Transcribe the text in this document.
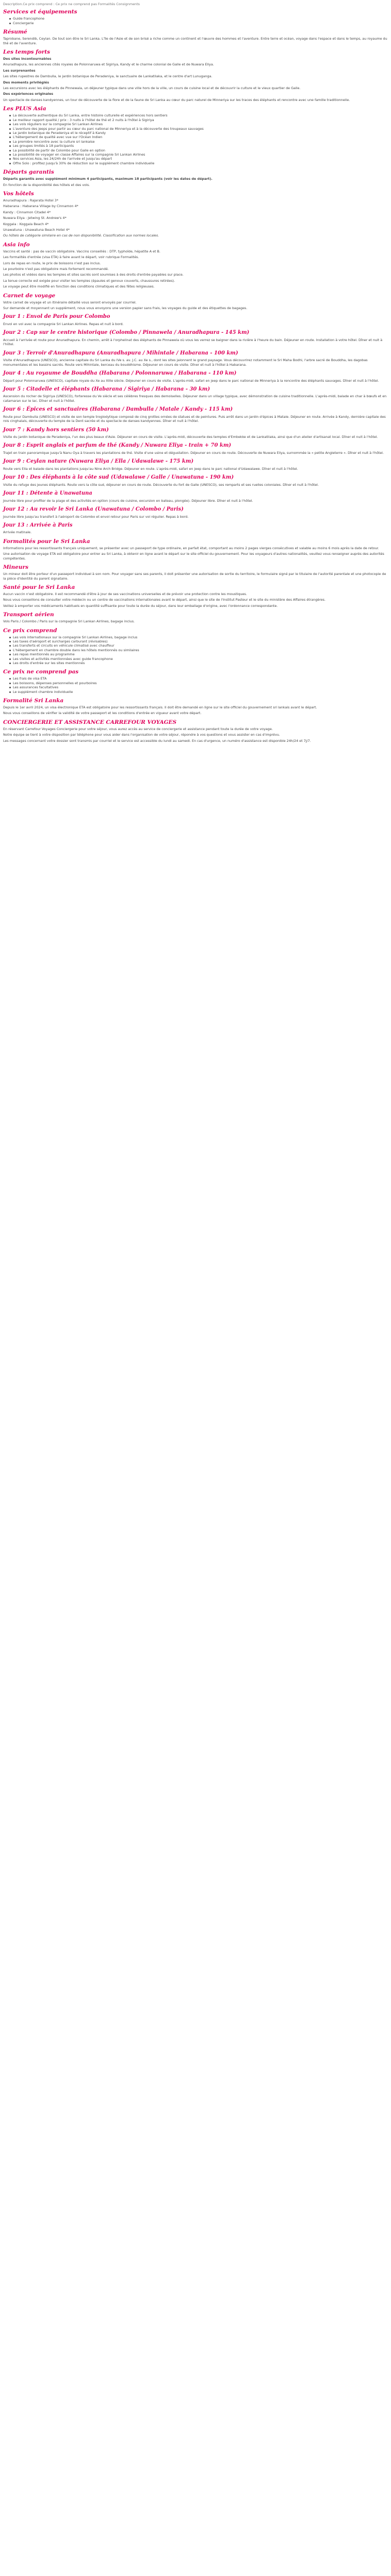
Description.Ce prix comprend : Ce prix ne comprend pas Formalités Consignments
Services et équipements
Guide francophone
Conciergerie
Résumé

Taprobane, Serendib, Ceylan. De tout son être le Sri Lanka. L'île de l'Asie et de son brisé a riche comme un continent et l'œuvre des hommes et l'aventure. Entre terre et océan, voyage dans l'espace et dans le temps, au royaume du thé et de l'aventure.

Les temps forts

Des sites incontournables

Anuradhapura, les anciennes cités royales de Polonnaruwa et Sigiriya, Kandy et le charme colonial de Galle et de Nuwara Eliya.

Les surprenantes

Les sites rupestres de Dambulla, le jardin botanique de Peradeniya, le sanctuaire de Lankatilaka, et le centre d'art Lunuganga.

Des moments privilégiés

Les excursions avec les éléphants de Pinnewala, un déjeuner typique dans une ville hors de la ville, un cours de cuisine local et de découvrir la culture et le vieux quartier de Galle.

Des expériences originales

Un spectacle de danses kandyennes, un tour de découverte de la flore et de la faune de Sri Lanka au cœur du parc naturel de Minneriya sur les traces des éléphants et rencontre avec une famille traditionnelle.

Les PLUS Asia
La découverte authentique du Sri Lanka, entre histoire culturelle et expériences hors sentiers
Le meilleur rapport qualité / prix : 3 nuits à l'hôtel de thé et 2 nuits à l'hôtel à Sigiriya
Les vols réguliers sur la compagnie Sri Lankan Airlines
L'aventure des jeeps pour partir au cœur du parc national de Minneriya et à la découverte des troupeaux sauvages
Le jardin botanique de Peradeniya et le réceptif à Kandy
L'hébergement de qualité avec vue sur l'Océan Indien
La première rencontre avec la culture sri lankaise
Les groupes limités à 18 participants
La possibilité de partir de Colombo pour Galle en option
La possibilité de voyager en classe Affaires sur la compagnie Sri Lankan Airlines
Nos services Asia, les 24/24h de l'arrivée et jusqu'au départ
Offre Solo : profitez jusqu'à 30% de réduction sur le supplément chambre individuelle
Départs garantis

Départs garantis avec supplément minimum 4 participants, maximum 18 participants (voir les dates de départ).

En fonction de la disponibilité des hôtels et des vols.

Vos hôtels

Anuradhapura : Rajarata Hotel 3*

Habarana : Habarana Village by Cinnamon 4*

Kandy : Cinnamon Citadel 4*

Nuwara Eliya : Jetwing St. Andrew's 4*

Koggala : Koggala Beach 4*

Unawatuna : Unawatuna Beach Hotel 4*

Ou hôtels de catégorie similaire en cas de non disponibilité. Classification aux normes locales.

Asia info

Vaccins et santé : pas de vaccin obligatoire. Vaccins conseillés : DTP, typhoïde, hépatite A et B.

Les formalités d'entrée (visa ETA) à faire avant le départ, voir rubrique Formalités.

Lors de repas en route, le prix de boissons n'est pas inclus.

Le pourboire n'est pas obligatoire mais fortement recommandé.

Les photos et vidéos dans les temples et sites sacrés sont soumises à des droits d'entrée payables sur place.

La tenue correcte est exigée pour visiter les temples (épaules et genoux couverts, chaussures retirées).

Le voyage peut être modifié en fonction des conditions climatiques et des fêtes religieuses.

Carnet de voyage

Votre carnet de voyage et un itinéraire détaillé vous seront envoyés par courriel.

Sur demande et moyennant un supplément, nous vous envoyons une version papier sans frais, les voyages du guide et des étiquettes de bagages.

Jour 1 : Envol de Paris pour Colombo

Envol en vol avec la compagnie Sri Lankan Airlines. Repas et nuit à bord.

Jour 2 : Cap sur le centre historique (Colombo / Pinnawela / Anuradhapura - 145 km)

Accueil à l'arrivée et route pour Anuradhapura. En chemin, arrêt à l'orphelinat des éléphants de Pinnawela où vous les verrez se baigner dans la rivière à l'heure du bain. Déjeuner en route. Installation à votre hôtel. Dîner et nuit à l'hôtel.

Jour 3 : Terroir d'Anuradhapura (Anuradhapura / Mihintale / Habarana - 100 km)

Visite d'Anuradhapura (UNESCO), ancienne capitale du Sri Lanka du IVe s. av. J.C. au Xe s., dont les sites jalonnent le grand paysage. Vous découvrirez notamment le Sri Maha Bodhi, l'arbre sacré de Bouddha, les dagobas monumentales et les bassins sacrés. Route vers Mihintale, berceau du bouddhisme. Déjeuner en cours de visite. Dîner et nuit à l'hôtel à Habarana.

Jour 4 : Au royaume de Bouddha (Habarana / Polonnaruwa / Habarana - 110 km)

Départ pour Polonnaruwa (UNESCO), capitale royale du Xe au XIIIe siècle. Déjeuner en cours de visite. L'après-midi, safari en jeep dans le parc national de Minneriya à la rencontre des éléphants sauvages. Dîner et nuit à l'hôtel.

Jour 5 : Citadelle et éléphants (Habarana / Sigiriya / Habarana - 30 km)

Ascension du rocher de Sigiriya (UNESCO), forteresse du Ve siècle et ses célèbres fresques des demoiselles. Déjeuner dans un village typique, avec démonstration de cuisine traditionnelle. L'après-midi, balade en char à bœufs et en catamaran sur le lac. Dîner et nuit à l'hôtel.

Jour 6 : Épices et sanctuaires (Habarana / Dambulla / Matale / Kandy - 115 km)

Route pour Dambulla (UNESCO) et visite de son temple troglodytique composé de cinq grottes ornées de statues et de peintures. Puis arrêt dans un jardin d'épices à Matale. Déjeuner en route. Arrivée à Kandy, dernière capitale des rois cinghalais, découverte du temple de la Dent sacrée et du spectacle de danses kandyennes. Dîner et nuit à l'hôtel.

Jour 7 : Kandy hors sentiers (50 km)

Visite du jardin botanique de Peradeniya, l'un des plus beaux d'Asie. Déjeuner en cours de visite. L'après-midi, découverte des temples d'Embekke et de Lankatilaka, ainsi que d'un atelier d'artisanat local. Dîner et nuit à l'hôtel.

Jour 8 : Esprit anglais et parfum de thé (Kandy / Nuwara Eliya - train + 70 km)

Trajet en train panoramique jusqu'à Nanu Oya à travers les plantations de thé. Visite d'une usine et dégustation. Déjeuner en cours de route. Découverte de Nuwara Eliya, surnommée la « petite Angleterre ». Dîner et nuit à l'hôtel.

Jour 9 : Ceylan nature (Nuwara Eliya / Ella / Udawalawe - 175 km)

Route vers Ella et balade dans les plantations jusqu'au Nine Arch Bridge. Déjeuner en route. L'après-midi, safari en jeep dans le parc national d'Udawalawe. Dîner et nuit à l'hôtel.

Jour 10 : Des éléphants à la côte sud (Udawalawe / Galle / Unawatuna - 190 km)

Visite du refuge des jeunes éléphants. Route vers la côte sud, déjeuner en cours de route. Découverte du fort de Galle (UNESCO), ses remparts et ses ruelles coloniales. Dîner et nuit à l'hôtel.

Jour 11 : Détente à Unawatuna

Journée libre pour profiter de la plage et des activités en option (cours de cuisine, excursion en bateau, plongée). Déjeuner libre. Dîner et nuit à l'hôtel.

Jour 12 : Au revoir le Sri Lanka (Unawatuna / Colombo / Paris)

Journée libre jusqu'au transfert à l'aéroport de Colombo et envol retour pour Paris sur vol régulier. Repas à bord.

Jour 13 : Arrivée à Paris

Arrivée matinale.

Formalités pour le Sri Lanka

Informations pour les ressortissants français uniquement, se présenter avec un passeport de type ordinaire, en parfait état, comportant au moins 2 pages vierges consécutives et valable au moins 6 mois après la date de retour.

Une autorisation de voyage ETA est obligatoire pour entrer au Sri Lanka, à obtenir en ligne avant le départ sur le site officiel du gouvernement. Pour les voyageurs d'autres nationalités, veuillez vous renseigner auprès des autorités compétentes.

Mineurs

Un mineur doit être porteur d'un passeport individuel à son nom. Pour voyager sans ses parents, il doit présenter une autorisation de sortie du territoire, le formulaire signé par le titulaire de l'autorité parentale et une photocopie de la pièce d'identité du parent signataire.

Santé pour le Sri Lanka

Aucun vaccin n'est obligatoire. Il est recommandé d'être à jour de ses vaccinations universelles et de prévoir une protection contre les moustiques.

Nous vous conseillons de consulter votre médecin ou un centre de vaccinations internationales avant le départ, ainsi que le site de l'Institut Pasteur et le site du ministère des Affaires étrangères.

Veillez à emporter vos médicaments habituels en quantité suffisante pour toute la durée du séjour, dans leur emballage d'origine, avec l'ordonnance correspondante.

Transport aérien

Vols Paris / Colombo / Paris sur la compagnie Sri Lankan Airlines, bagage inclus.

Ce prix comprend
Les vols internationaux sur la compagnie Sri Lankan Airlines, bagage inclus
Les taxes d'aéroport et surcharges carburant (révisables)
Les transferts et circuits en véhicule climatisé avec chauffeur
L'hébergement en chambre double dans les hôtels mentionnés ou similaires
Les repas mentionnés au programme
Les visites et activités mentionnées avec guide francophone
Les droits d'entrée sur les sites mentionnés
Ce prix ne comprend pas
Les frais de visa ETA
Les boissons, dépenses personnelles et pourboires
Les assurances facultatives
Le supplément chambre individuelle
Formalité Sri Lanka

Depuis le 1er avril 2024, un visa électronique ETA est obligatoire pour les ressortissants français. Il doit être demandé en ligne sur le site officiel du gouvernement sri lankais avant le départ.

Nous vous conseillons de vérifier la validité de votre passeport et les conditions d'entrée en vigueur avant votre départ.

CONCIERGERIE ET ASSISTANCE CARREFOUR VOYAGES

En réservant Carrefour Voyages Conciergerie pour votre séjour, vous aurez accès au service de conciergerie et assistance pendant toute la durée de votre voyage.

Notre équipe se tient à votre disposition par téléphone pour vous aider dans l'organisation de votre séjour, répondre à vos questions et vous assister en cas d'imprévu.

Les messages concernant votre dossier sont transmis par courriel et le service est accessible du lundi au samedi. En cas d'urgence, un numéro d'assistance est disponible 24h/24 et 7j/7.
